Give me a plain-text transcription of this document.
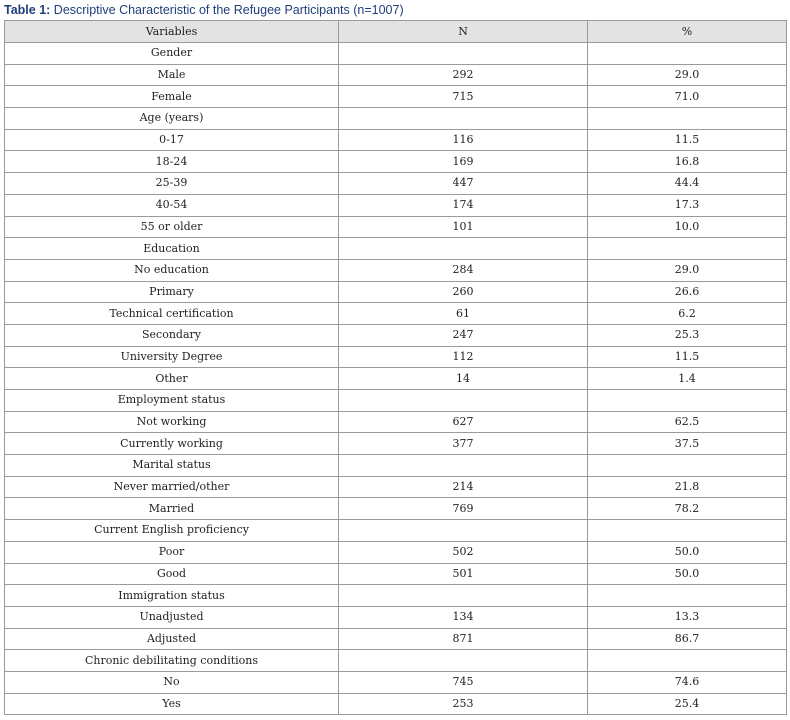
Table 1: Descriptive Characteristic of the Refugee Participants (n=1007)
Variables	N	%
Gender		
Male	292	29.0
Female	715	71.0
Age (years)		
0-17	116	11.5
18-24	169	16.8
25-39	447	44.4
40-54	174	17.3
55 or older	101	10.0
Education		
No education	284	29.0
Primary	260	26.6
Technical certification	61	6.2
Secondary	247	25.3
University Degree	112	11.5
Other	14	1.4
Employment status		
Not working	627	62.5
Currently working	377	37.5
Marital status		
Never married/other	214	21.8
Married	769	78.2
Current English proficiency		
Poor	502	50.0
Good	501	50.0
Immigration status		
Unadjusted	134	13.3
Adjusted	871	86.7
Chronic debilitating conditions		
No	745	74.6
Yes	253	25.4
